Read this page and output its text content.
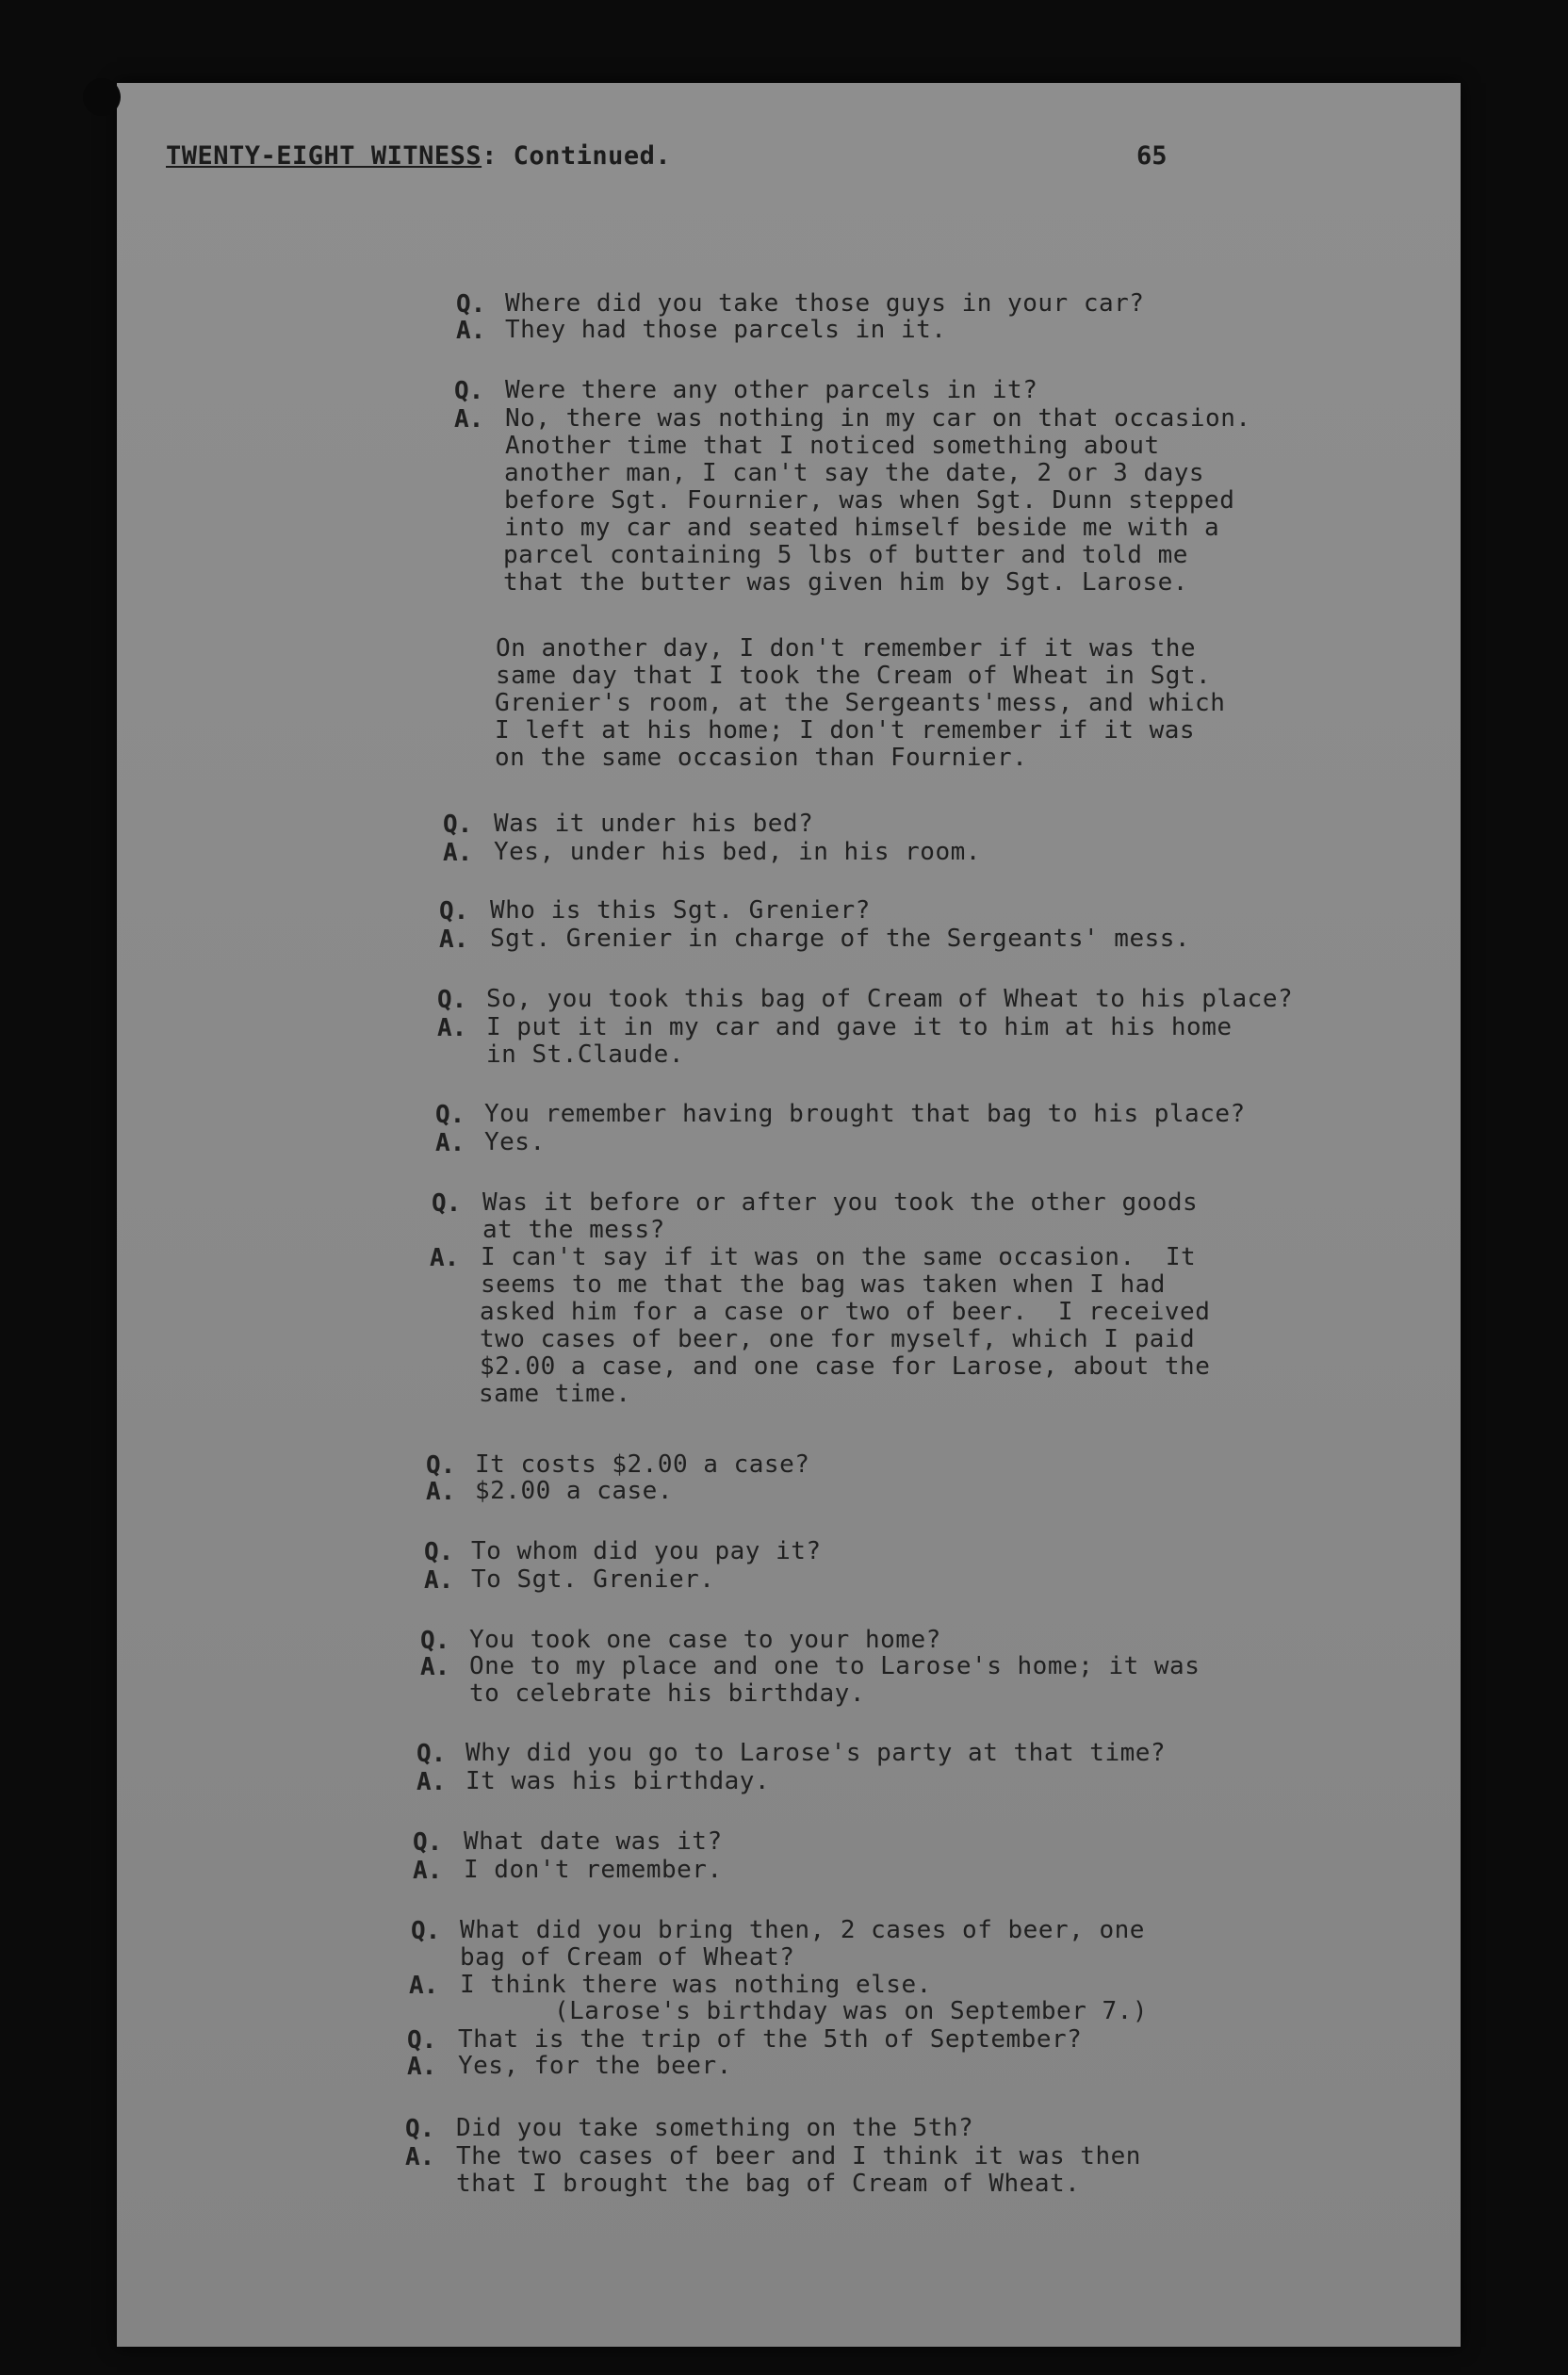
TWENTY-EIGHT WITNESS: Continued.	65
Q. Where did you take those guys in your car?
A. They had those parcels in it.
Q. Were there any other parcels in it?
A. No, there was nothing in my car on that occasion.
Another time that I noticed something about
another man, I can't say the date, 2 or 3 days
before Sgt. Fournier, was when Sgt. Dunn stepped
into my car and seated himself beside me with a
parcel containing 5 lbs of butter and told me
that the butter was given him by Sgt. Larose.
On another day, I don't remember if it was the
same day that I took the Cream of Wheat in Sgt.
Grenier's room, at the Sergeants'mess, and which
I left at his home; I don't remember if it was
on the same occasion than Fournier.
Q. Was it under his bed?
A. Yes, under his bed, in his room.
Q. Who is this Sgt. Grenier?
A. Sgt. Grenier in charge of the Sergeants' mess.
Q. So, you took this bag of Cream of Wheat to his place?
A. I put it in my car and gave it to him at his home
in St.Claude.
Q. You remember having brought that bag to his place?
A. Yes.
Q. Was it before or after you took the other goods
at the mess?
A. I can't say if it was on the same occasion.  It
seems to me that the bag was taken when I had
asked him for a case or two of beer.  I received
two cases of beer, one for myself, which I paid
$2.00 a case, and one case for Larose, about the
same time.
Q. It costs $2.00 a case?
A. $2.00 a case.
Q. To whom did you pay it?
A. To Sgt. Grenier.
Q. You took one case to your home?
A. One to my place and one to Larose's home; it was
to celebrate his birthday.
Q. Why did you go to Larose's party at that time?
A. It was his birthday.
Q. What date was it?
A. I don't remember.
Q. What did you bring then, 2 cases of beer, one
bag of Cream of Wheat?
A. I think there was nothing else.
(Larose's birthday was on September 7.)
Q. That is the trip of the 5th of September?
A. Yes, for the beer.
Q. Did you take something on the 5th?
A. The two cases of beer and I think it was then
that I brought the bag of Cream of Wheat.
